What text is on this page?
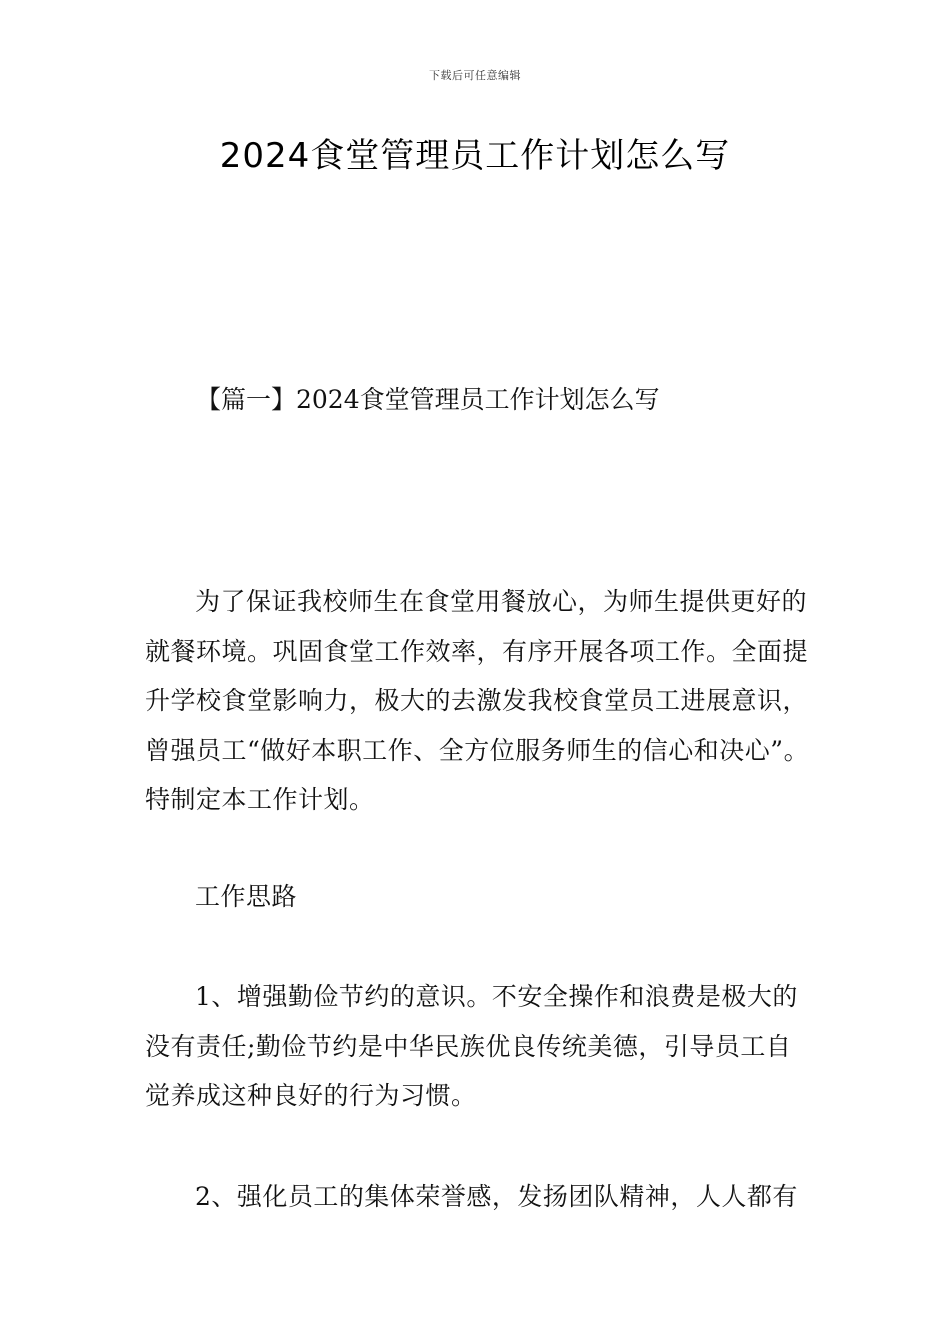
下载后可任意编辑
2024食堂管理员工作计划怎么写

【篇一】2024食堂管理员工作计划怎么写

为了保证我校师生在食堂用餐放心，为师生提供更好的就餐环境。巩固食堂工作效率，有序开展各项工作。全面提升学校食堂影响力，极大的去激发我校食堂员工进展意识，曾强员工“做好本职工作、全方位服务师生的信心和决心”。特制定本工作计划。

工作思路

1、增强勤俭节约的意识。不安全操作和浪费是极大的没有责任;勤俭节约是中华民族优良传统美德，引导员工自觉养成这种良好的行为习惯。

2、强化员工的集体荣誉感，发扬团队精神，人人都有
